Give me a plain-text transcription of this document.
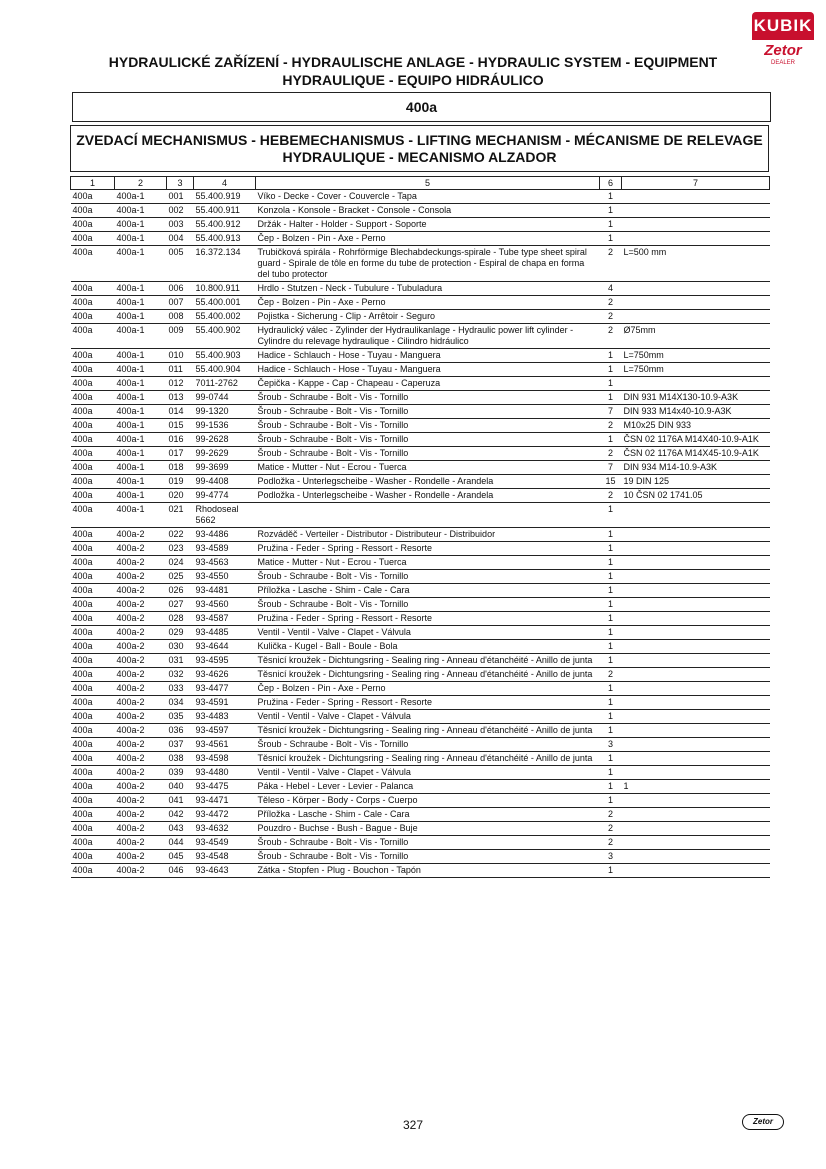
KUBIK
Zetor
DEALER
HYDRAULICKÉ ZAŘÍZENÍ - HYDRAULISCHE ANLAGE - HYDRAULIC SYSTEM - EQUIPMENT
HYDRAULIQUE - EQUIPO HIDRÁULICO
400a
ZVEDACÍ MECHANISMUS - HEBEMECHANISMUS - LIFTING MECHANISM - MÉCANISME DE RELEVAGE
HYDRAULIQUE - MECANISMO ALZADOR
1	2	3	4	5	6	7
400a	400a-1	001	55.400.919	Víko - Decke - Cover - Couvercle - Tapa	1	
400a	400a-1	002	55.400.911	Konzola - Konsole - Bracket - Console - Consola	1	
400a	400a-1	003	55.400.912	Držák - Halter - Holder - Support - Soporte	1	
400a	400a-1	004	55.400.913	Čep - Bolzen - Pin - Axe - Perno	1	
400a	400a-1	005	16.372.134	Trubičková spirála - Rohrförmige Blechabdeckungs-spirale - Tube type sheet spiral guard - Spirale de tôle en forme du tube de protection - Espiral de chapa en forma del tubo protector	2	L=500 mm
400a	400a-1	006	10.800.911	Hrdlo - Stutzen - Neck - Tubulure - Tubuladura	4	
400a	400a-1	007	55.400.001	Čep - Bolzen - Pin - Axe - Perno	2	
400a	400a-1	008	55.400.002	Pojistka - Sicherung - Clip - Arrêtoir - Seguro	2	
400a	400a-1	009	55.400.902	Hydraulický válec - Zylinder der Hydraulikanlage - Hydraulic power lift cylinder - Cylindre du relevage hydraulique - Cilindro hidráulico	2	Ø75mm
400a	400a-1	010	55.400.903	Hadice - Schlauch - Hose - Tuyau - Manguera	1	L=750mm
400a	400a-1	011	55.400.904	Hadice - Schlauch - Hose - Tuyau - Manguera	1	L=750mm
400a	400a-1	012	7011-2762	Čepička - Kappe - Cap - Chapeau - Caperuza	1	
400a	400a-1	013	99-0744	Šroub - Schraube - Bolt - Vis - Tornillo	1	DIN 931 M14X130-10.9-A3K
400a	400a-1	014	99-1320	Šroub - Schraube - Bolt - Vis - Tornillo	7	DIN 933 M14x40-10.9-A3K
400a	400a-1	015	99-1536	Šroub - Schraube - Bolt - Vis - Tornillo	2	M10x25 DIN 933
400a	400a-1	016	99-2628	Šroub - Schraube - Bolt - Vis - Tornillo	1	ČSN 02 1176A M14X40-10.9-A1K
400a	400a-1	017	99-2629	Šroub - Schraube - Bolt - Vis - Tornillo	2	ČSN 02 1176A M14X45-10.9-A1K
400a	400a-1	018	99-3699	Matice - Mutter - Nut - Ecrou - Tuerca	7	DIN 934 M14-10.9-A3K
400a	400a-1	019	99-4408	Podložka - Unterlegscheibe - Washer - Rondelle - Arandela	15	19 DIN 125
400a	400a-1	020	99-4774	Podložka - Unterlegscheibe - Washer - Rondelle - Arandela	2	10 ČSN 02 1741.05
400a	400a-1	021	Rhodoseal 5662		1	
400a	400a-2	022	93-4486	Rozváděč - Verteiler - Distributor - Distributeur - Distribuidor	1	
400a	400a-2	023	93-4589	Pružina - Feder - Spring - Ressort - Resorte	1	
400a	400a-2	024	93-4563	Matice - Mutter - Nut - Ecrou - Tuerca	1	
400a	400a-2	025	93-4550	Šroub - Schraube - Bolt - Vis - Tornillo	1	
400a	400a-2	026	93-4481	Příložka - Lasche - Shim - Cale - Cara	1	
400a	400a-2	027	93-4560	Šroub - Schraube - Bolt - Vis - Tornillo	1	
400a	400a-2	028	93-4587	Pružina - Feder - Spring - Ressort - Resorte	1	
400a	400a-2	029	93-4485	Ventil - Ventil - Valve - Clapet - Válvula	1	
400a	400a-2	030	93-4644	Kulička - Kugel - Ball - Boule - Bola	1	
400a	400a-2	031	93-4595	Těsnicí kroužek - Dichtungsring - Sealing ring - Anneau d'étanchéité - Anillo de junta	1	
400a	400a-2	032	93-4626	Těsnicí kroužek - Dichtungsring - Sealing ring - Anneau d'étanchéité - Anillo de junta	2	
400a	400a-2	033	93-4477	Čep - Bolzen - Pin - Axe - Perno	1	
400a	400a-2	034	93-4591	Pružina - Feder - Spring - Ressort - Resorte	1	
400a	400a-2	035	93-4483	Ventil - Ventil - Valve - Clapet - Válvula	1	
400a	400a-2	036	93-4597	Těsnicí kroužek - Dichtungsring - Sealing ring - Anneau d'étanchéité - Anillo de junta	1	
400a	400a-2	037	93-4561	Šroub - Schraube - Bolt - Vis - Tornillo	3	
400a	400a-2	038	93-4598	Těsnicí kroužek - Dichtungsring - Sealing ring - Anneau d'étanchéité - Anillo de junta	1	
400a	400a-2	039	93-4480	Ventil - Ventil - Valve - Clapet - Válvula	1	
400a	400a-2	040	93-4475	Páka - Hebel - Lever - Levier - Palanca	1	1
400a	400a-2	041	93-4471	Těleso - Körper - Body - Corps - Cuerpo	1	
400a	400a-2	042	93-4472	Příložka - Lasche - Shim - Cale - Cara	2	
400a	400a-2	043	93-4632	Pouzdro - Buchse - Bush - Bague - Buje	2	
400a	400a-2	044	93-4549	Šroub - Schraube - Bolt - Vis - Tornillo	2	
400a	400a-2	045	93-4548	Šroub - Schraube - Bolt - Vis - Tornillo	3	
400a	400a-2	046	93-4643	Zátka - Stopfen - Plug - Bouchon - Tapón	1	
327	Zetor
